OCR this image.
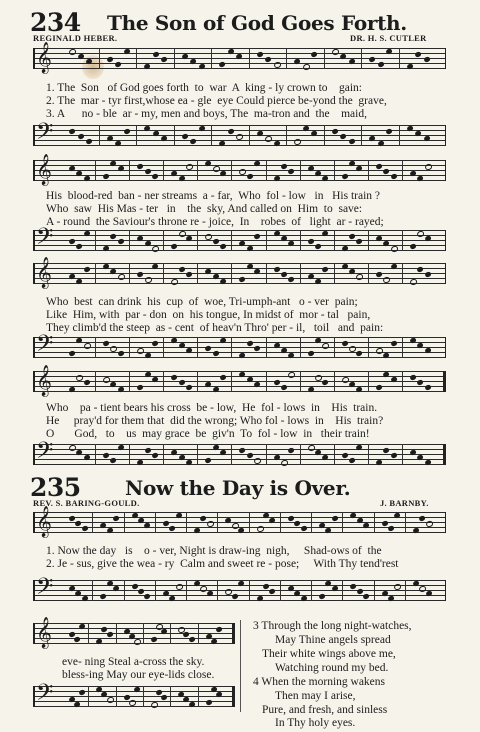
234 The Son of God Goes Forth.
REGINALD HEBER.	DR. H. S. CUTLER
𝄞
1. The  Son   of God goes forth  to  war  A  king - ly crown to    gain:
2. The  mar - tyr first,whose ea - gle  eye Could pierce be-yond the  grave,
3. A      no - ble  ar - my, men and boys, The  ma-tron and  the    maid,
𝄢
𝄞
His  blood-red  ban - ner streams  a - far,  Who  fol - low   in   His train ?
Who  saw  His Mas - ter   in    the  sky, And called on  Him  to  save:
A - round  the Saviour's throne re - joice,  In    robes  of   light  ar - rayed;
𝄢
𝄞
Who  best  can drink  his  cup  of  woe, Tri-umph-ant   o - ver  pain;
Like  Him, with  par - don  on  his tongue, In midst of  mor - tal   pain,
They climb'd the steep  as - cent  of heav'n Thro' per - il,   toil   and  pain:
𝄢
𝄞
Who    pa - tient bears his cross  be - low,  He  fol - lows  in    His  train.
He     pray'd for them that  did the wrong; Who fol - lows  in    His  train?
O       God,   to    us  may grace  be  giv'n  To  fol - low  in   their train!
𝄢
235 Now the Day is Over.
REV. S. BARING-GOULD.	J. BARNBY.
𝄞
1. Now the day   is    o - ver, Night is draw-ing  nigh,     Shad-ows of  the
2. Je - sus, give the wea - ry  Calm and sweet re - pose;     With Thy tend'rest
𝄢
𝄞
eve- ning Steal a-cross the sky.
bless-ing May our eye-lids close.
𝄢
3 Through the long night-watches,
May Thine angels spread
Their white wings above me,
Watching round my bed.
4 When the morning wakens
Then may I arise,
Pure, and fresh, and sinless
In Thy holy eyes.
